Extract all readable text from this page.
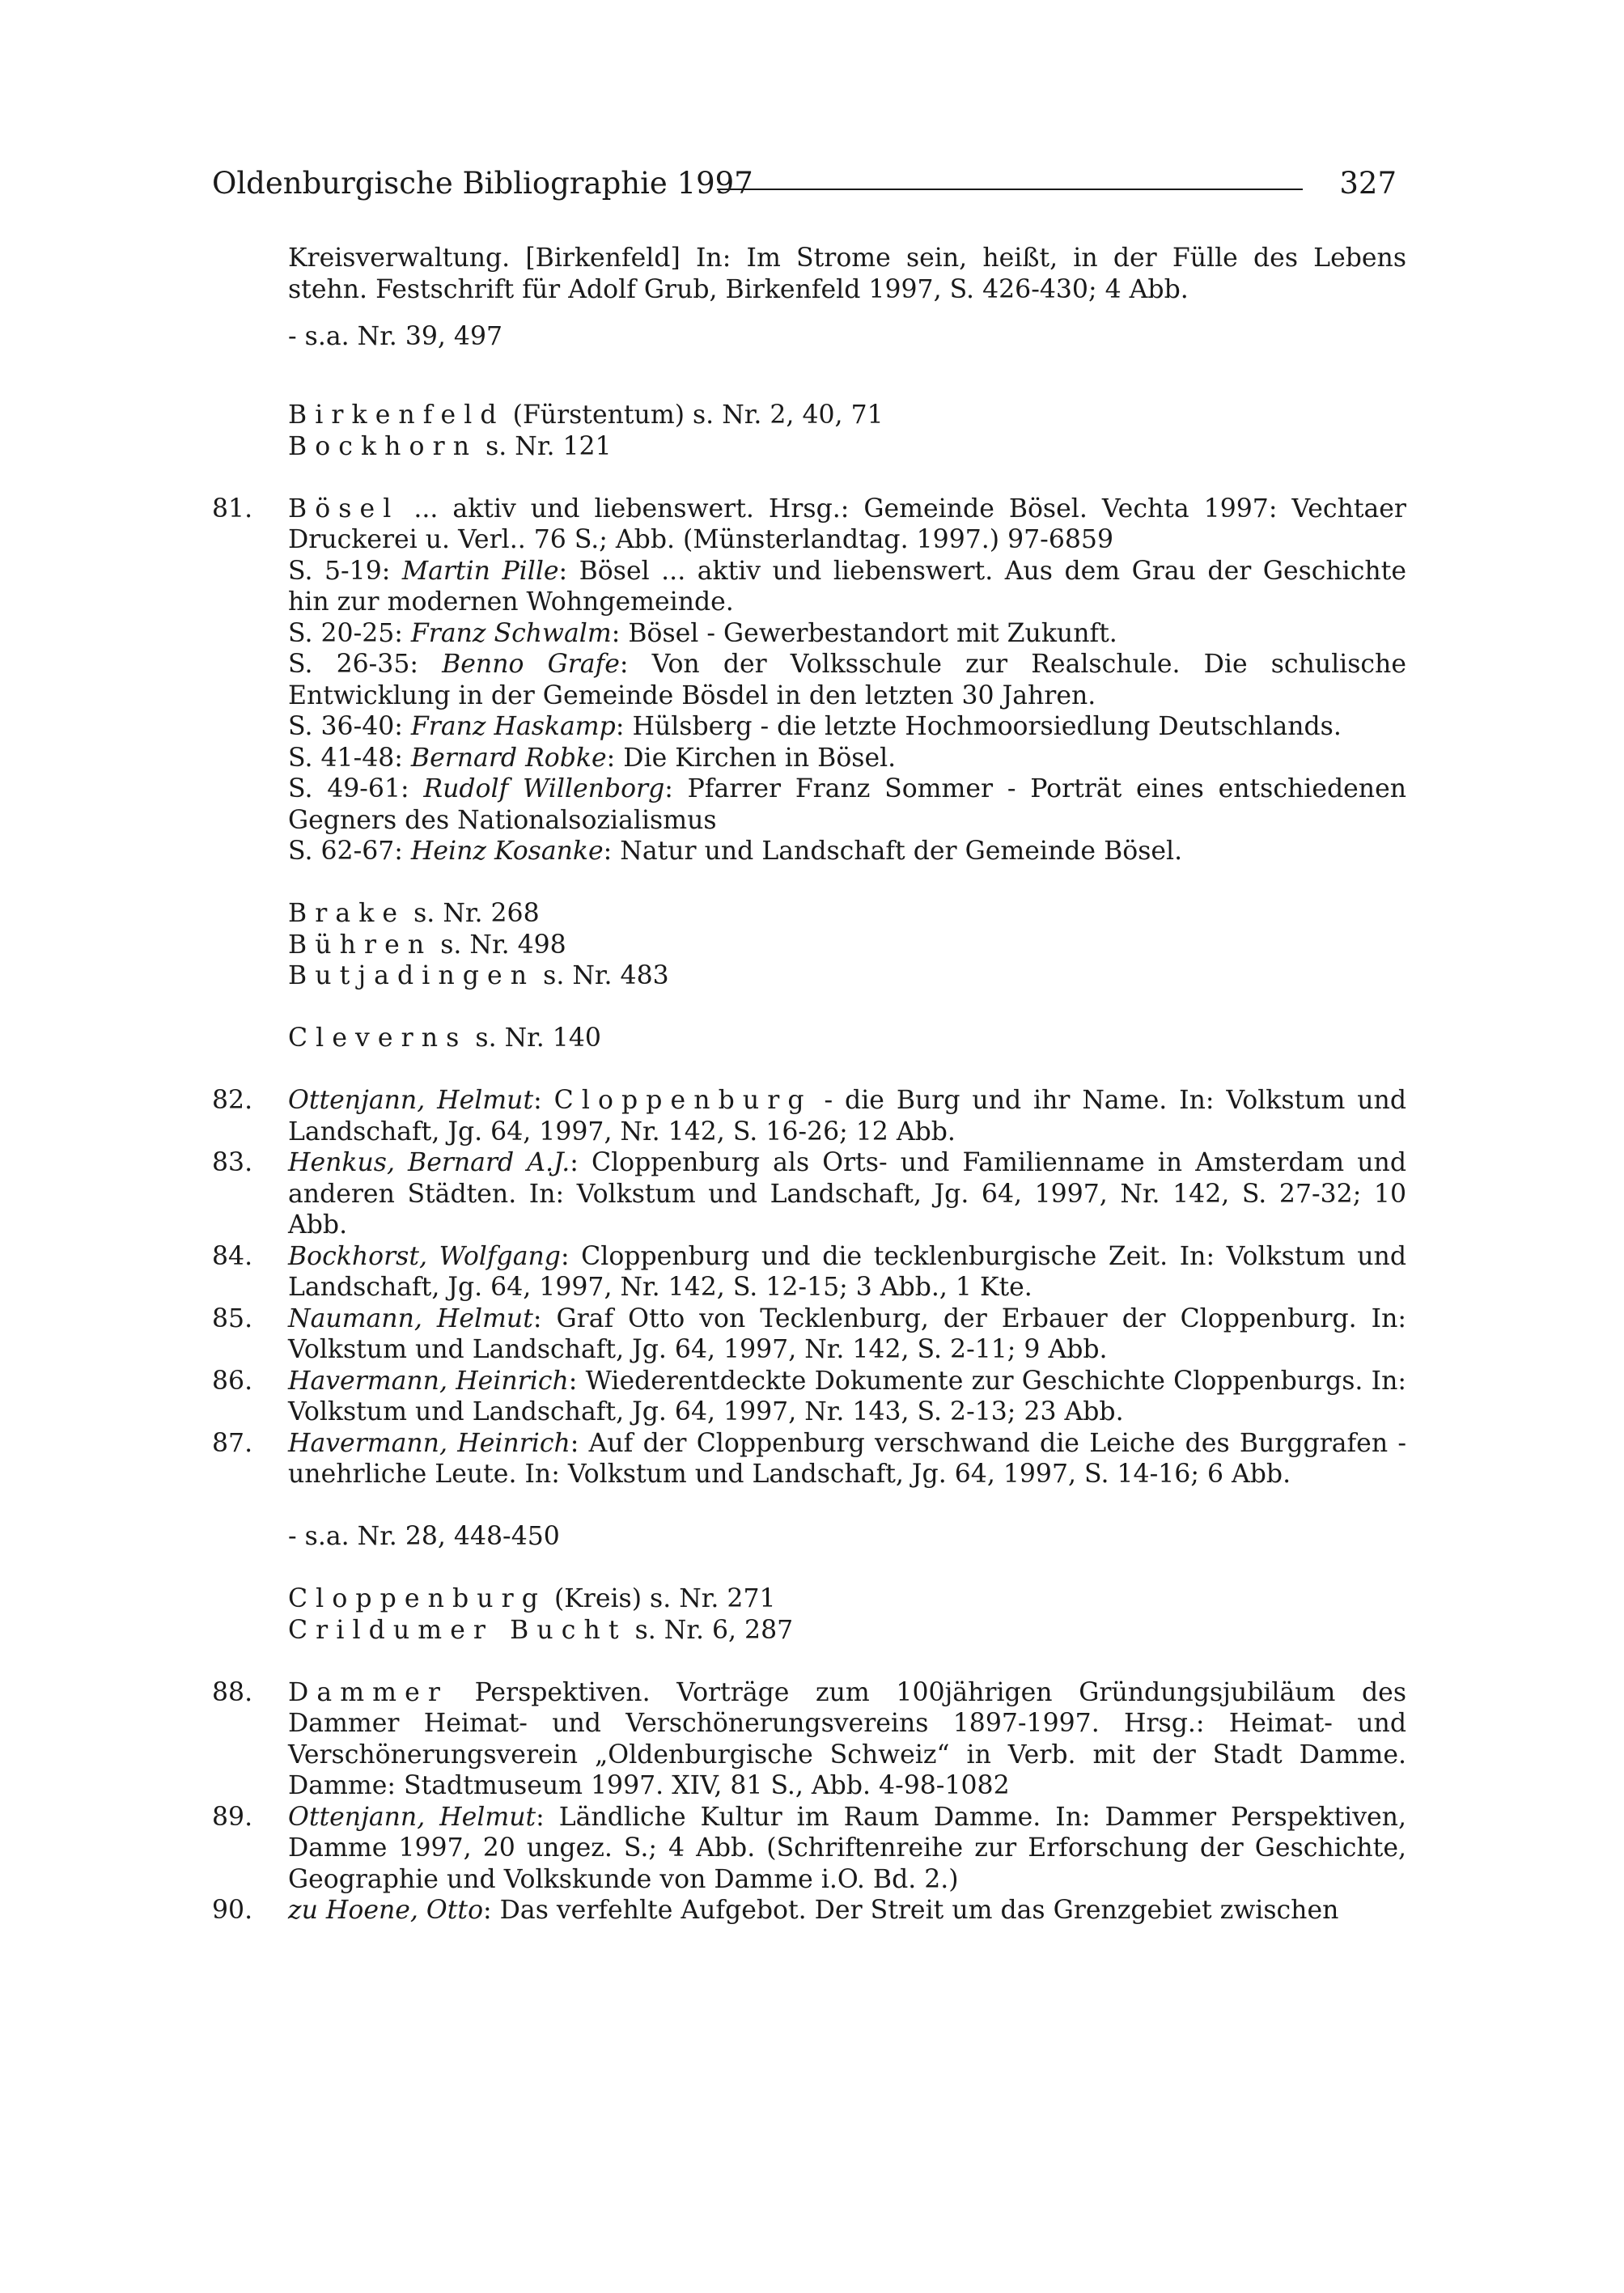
Oldenburgische Bibliographie 1997	327

Kreisverwaltung. [Birkenfeld] In: Im Strome sein, heißt, in der Fülle des Lebens stehn. Festschrift für Adolf Grub, Birkenfeld 1997, S. 426-430; 4 Abb.

- s.a. Nr. 39, 497

Birkenfeld (Fürstentum) s. Nr. 2, 40, 71
Bockhorn s. Nr. 121
81.	Bösel ... aktiv und liebenswert. Hrsg.: Gemeinde Bösel. Vechta 1997: Vechtaer Druckerei u. Verl.. 76 S.; Abb. (Münsterlandtag. 1997.) 97-6859

S. 5-19: Martin Pille: Bösel ... aktiv und liebenswert. Aus dem Grau der Geschichte hin zur modernen Wohngemeinde.

S. 20-25: Franz Schwalm: Bösel - Gewerbestandort mit Zukunft.

S. 26-35: Benno Grafe: Von der Volksschule zur Realschule. Die schulische Entwicklung in der Gemeinde Bösdel in den letzten 30 Jahren.

S. 36-40: Franz Haskamp: Hülsberg - die letzte Hochmoorsiedlung Deutschlands.

S. 41-48: Bernard Robke: Die Kirchen in Bösel.

S. 49-61: Rudolf Willenborg: Pfarrer Franz Sommer - Porträt eines entschiedenen Gegners des Nationalsozialismus

S. 62-67: Heinz Kosanke: Natur und Landschaft der Gemeinde Bösel.

Brake s. Nr. 268
Bühren s. Nr. 498
Butjadingen s. Nr. 483
Cleverns s. Nr. 140
82.	Ottenjann, Helmut: Cloppenburg - die Burg und ihr Name. In: Volkstum und Landschaft, Jg. 64, 1997, Nr. 142, S. 16-26; 12 Abb.

83.	Henkus, Bernard A.J.: Cloppenburg als Orts- und Familienname in Amsterdam und anderen Städten. In: Volkstum und Landschaft, Jg. 64, 1997, Nr. 142, S. 27-32; 10 Abb.

84.	Bockhorst, Wolfgang: Cloppenburg und die tecklenburgische Zeit. In: Volkstum und Landschaft, Jg. 64, 1997, Nr. 142, S. 12-15; 3 Abb., 1 Kte.

85.	Naumann, Helmut: Graf Otto von Tecklenburg, der Erbauer der Cloppenburg. In: Volkstum und Landschaft, Jg. 64, 1997, Nr. 142, S. 2-11; 9 Abb.

86.	Havermann, Heinrich: Wiederentdeckte Dokumente zur Geschichte Cloppenburgs. In: Volkstum und Landschaft, Jg. 64, 1997, Nr. 143, S. 2-13; 23 Abb.

87.	Havermann, Heinrich: Auf der Cloppenburg verschwand die Leiche des Burggrafen - unehrliche Leute. In: Volkstum und Landschaft, Jg. 64, 1997, S. 14-16; 6 Abb.

- s.a. Nr. 28, 448-450

Cloppenburg (Kreis) s. Nr. 271
Crildumer Bucht s. Nr. 6, 287
88.	Dammer Perspektiven. Vorträge zum 100jährigen Gründungsjubiläum des Dammer Heimat- und Verschönerungsvereins 1897-1997. Hrsg.: Heimat- und Verschönerungsverein „Oldenburgische Schweiz“ in Verb. mit der Stadt Damme. Damme: Stadtmuseum 1997. XIV, 81 S., Abb. 4-98-1082

89.	Ottenjann, Helmut: Ländliche Kultur im Raum Damme. In: Dammer Perspektiven, Damme 1997, 20 ungez. S.; 4 Abb. (Schriftenreihe zur Erforschung der Geschichte, Geographie und Volkskunde von Damme i.O. Bd. 2.)

90.	zu Hoene, Otto: Das verfehlte Aufgebot. Der Streit um das Grenzgebiet zwischen
